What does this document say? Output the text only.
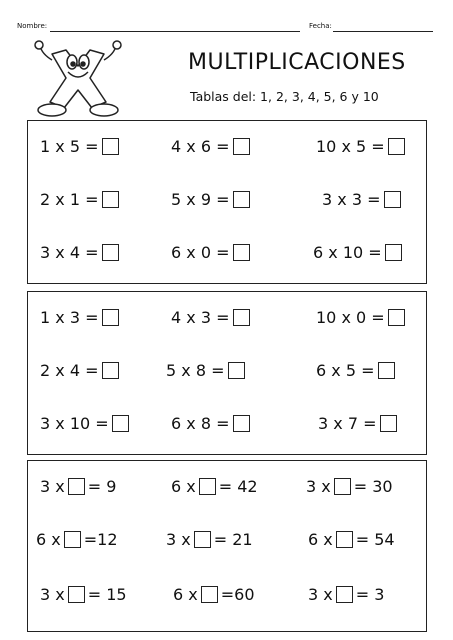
Nombre:	Fecha:
MULTIPLICACIONES
Tablas del: 1, 2, 3, 4, 5, 6 y 10
1 x 5 =	4 x 6 =	10 x 5 =
2 x 1 =	5 x 9 =	3 x 3 =
3 x 4 =	6 x 0 =	6 x 10 =
1 x 3 =	4 x 3 =	10 x 0 =
2 x 4 =	5 x 8 =	6 x 5 =
3 x 10 =	6 x 8 =	3 x 7 =
3 x = 9	6 x = 42	3 x = 30
6 x =12	3 x = 21	6 x = 54
3 x = 15	6 x =60	3 x = 3
